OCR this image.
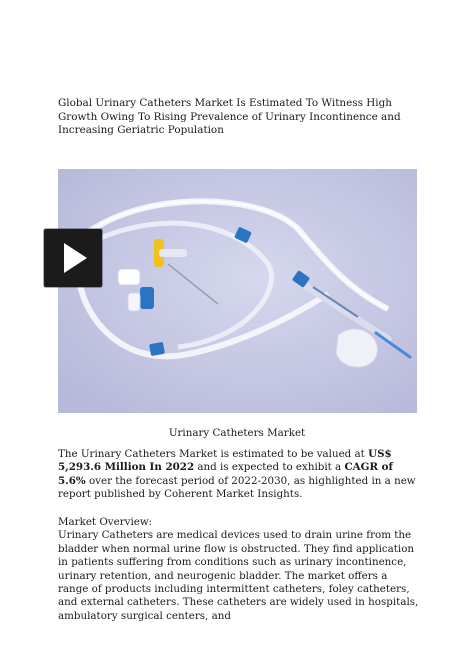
Global Urinary Catheters Market Is Estimated To Witness High Growth Owing To Rising Prevalence of Urinary Incontinence and Increasing Geriatric Population
Urinary Catheters Market
The Urinary Catheters Market is estimated to be valued at US$ 5,293.6 Million In 2022 and is expected to exhibit a CAGR of 5.6% over the forecast period of 2022-2030, as highlighted in a new report published by Coherent Market Insights.
Market Overview:
Urinary Catheters are medical devices used to drain urine from the bladder when normal urine flow is obstructed. They find application in patients suffering from conditions such as urinary incontinence, urinary retention, and neurogenic bladder. The market offers a range of products including intermittent catheters, foley catheters, and external catheters. These catheters are widely used in hospitals, ambulatory surgical centers, and
